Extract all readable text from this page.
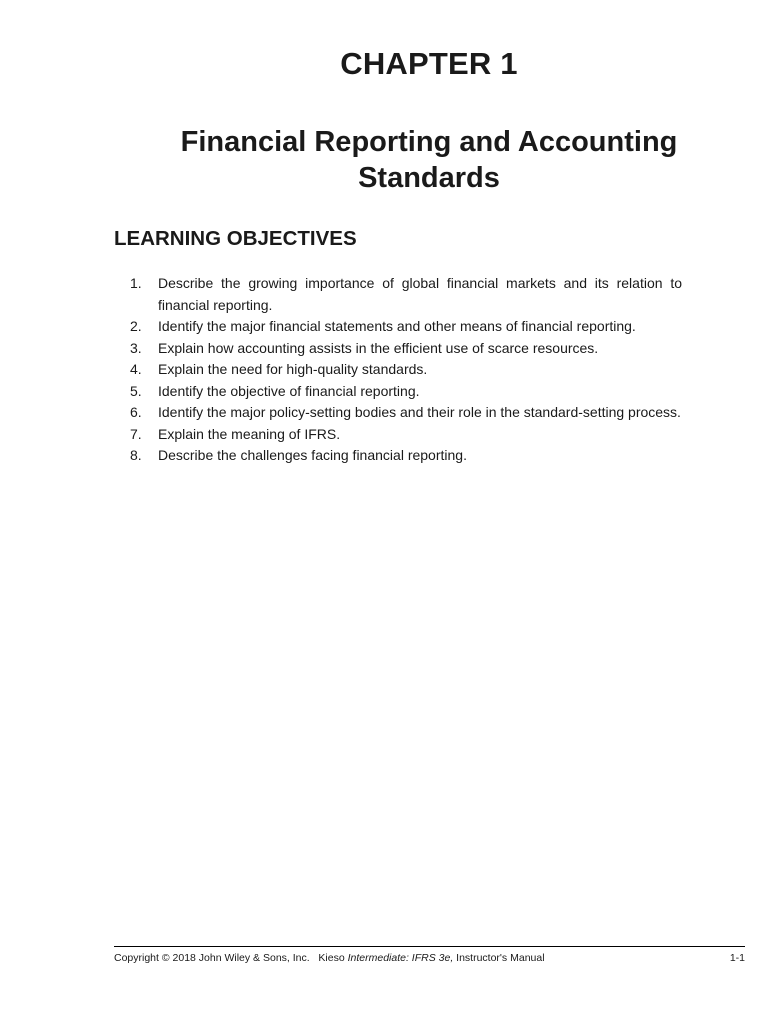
CHAPTER 1
Financial Reporting and Accounting Standards
LEARNING OBJECTIVES
1.	Describe the growing importance of global financial markets and its relation to financial reporting.
2.	Identify the major financial statements and other means of financial reporting.
3.	Explain how accounting assists in the efficient use of scarce resources.
4.	Explain the need for high-quality standards.
5.	Identify the objective of financial reporting.
6.	Identify the major policy-setting bodies and their role in the standard-setting process.
7.	Explain the meaning of IFRS.
8.	Describe the challenges facing financial reporting.
Copyright © 2018 John Wiley & Sons, Inc.   Kieso Intermediate: IFRS 3e, Instructor's Manual	1-1
